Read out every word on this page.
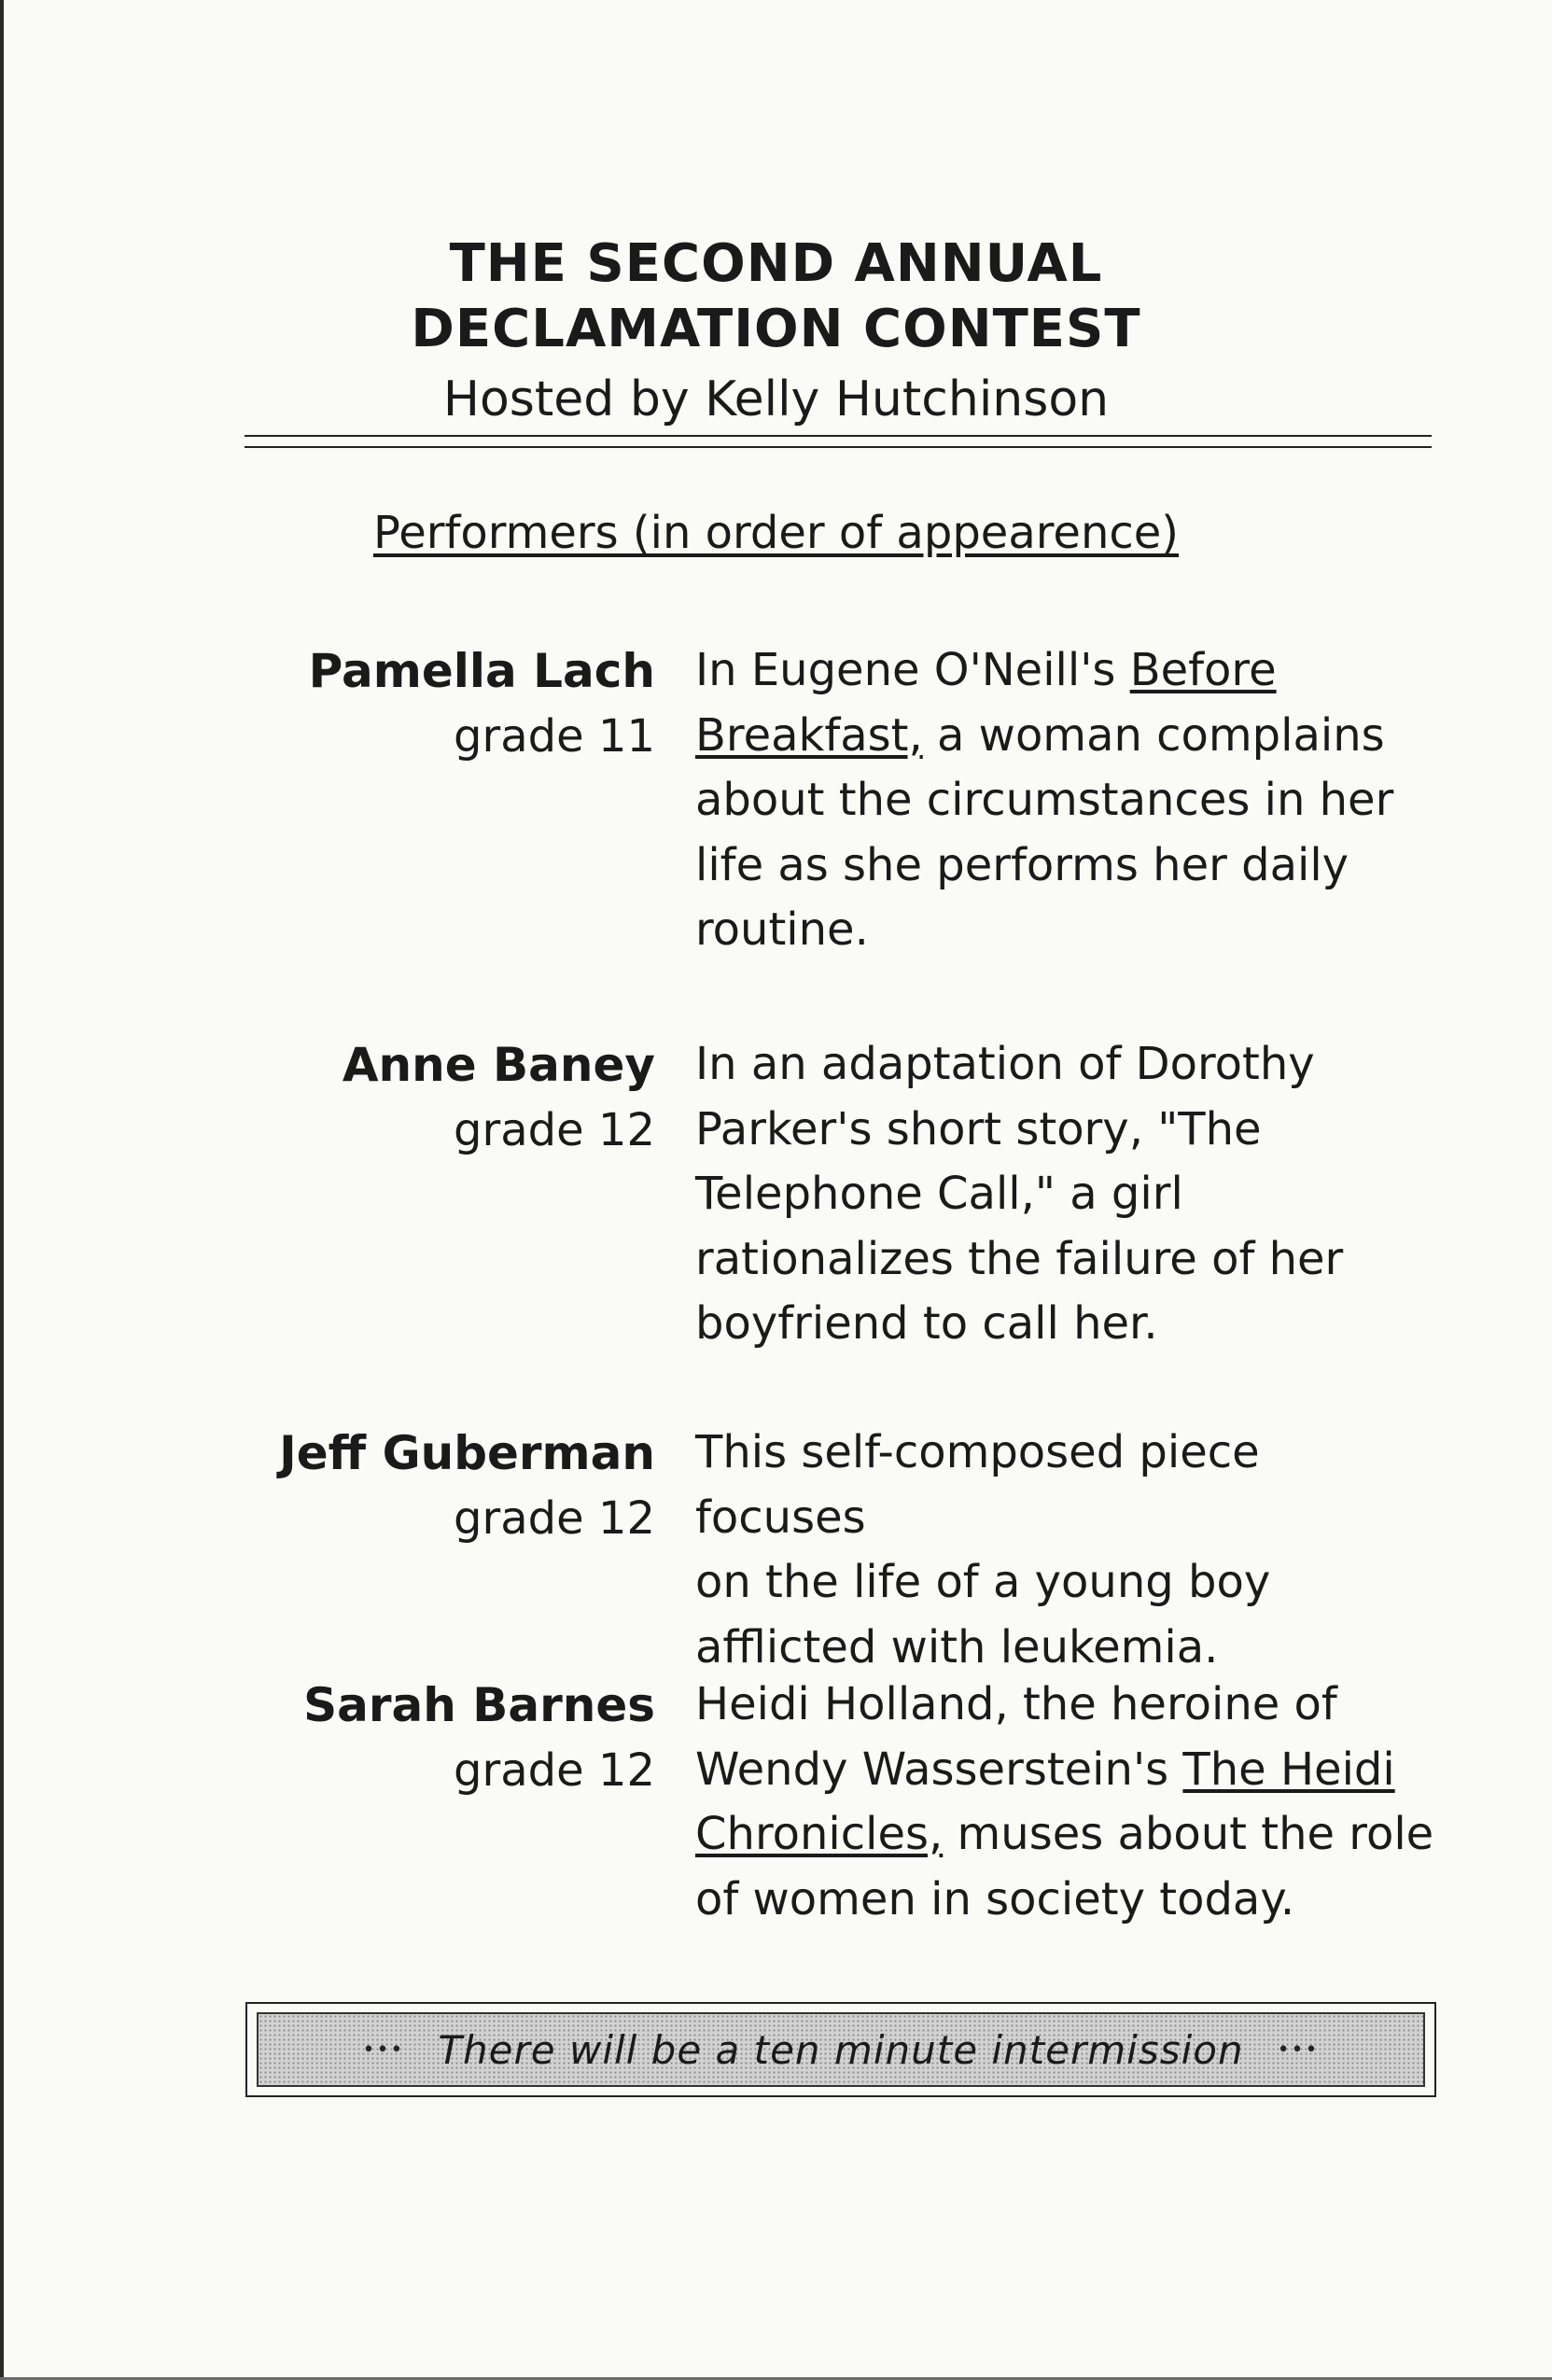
THE SECOND ANNUAL
DECLAMATION CONTEST
Hosted by Kelly Hutchinson
Performers (in order of appearence)
Pamella Lach
grade 11
In Eugene O'Neill's Before
Breakfast, a woman complains
about the circumstances in her
life as she performs her daily
routine.
Anne Baney
grade 12
In an adaptation of Dorothy
Parker's short story, "The
Telephone Call," a girl
rationalizes the failure of her
boyfriend to call her.
Jeff Guberman
grade 12
This self-composed piece focuses
on the life of a young boy
afflicted with leukemia.
Sarah Barnes
grade 12
Heidi Holland, the heroine of
Wendy Wasserstein's The Heidi
Chronicles, muses about the role
of women in society today.
••• There will be a ten minute intermission •••
